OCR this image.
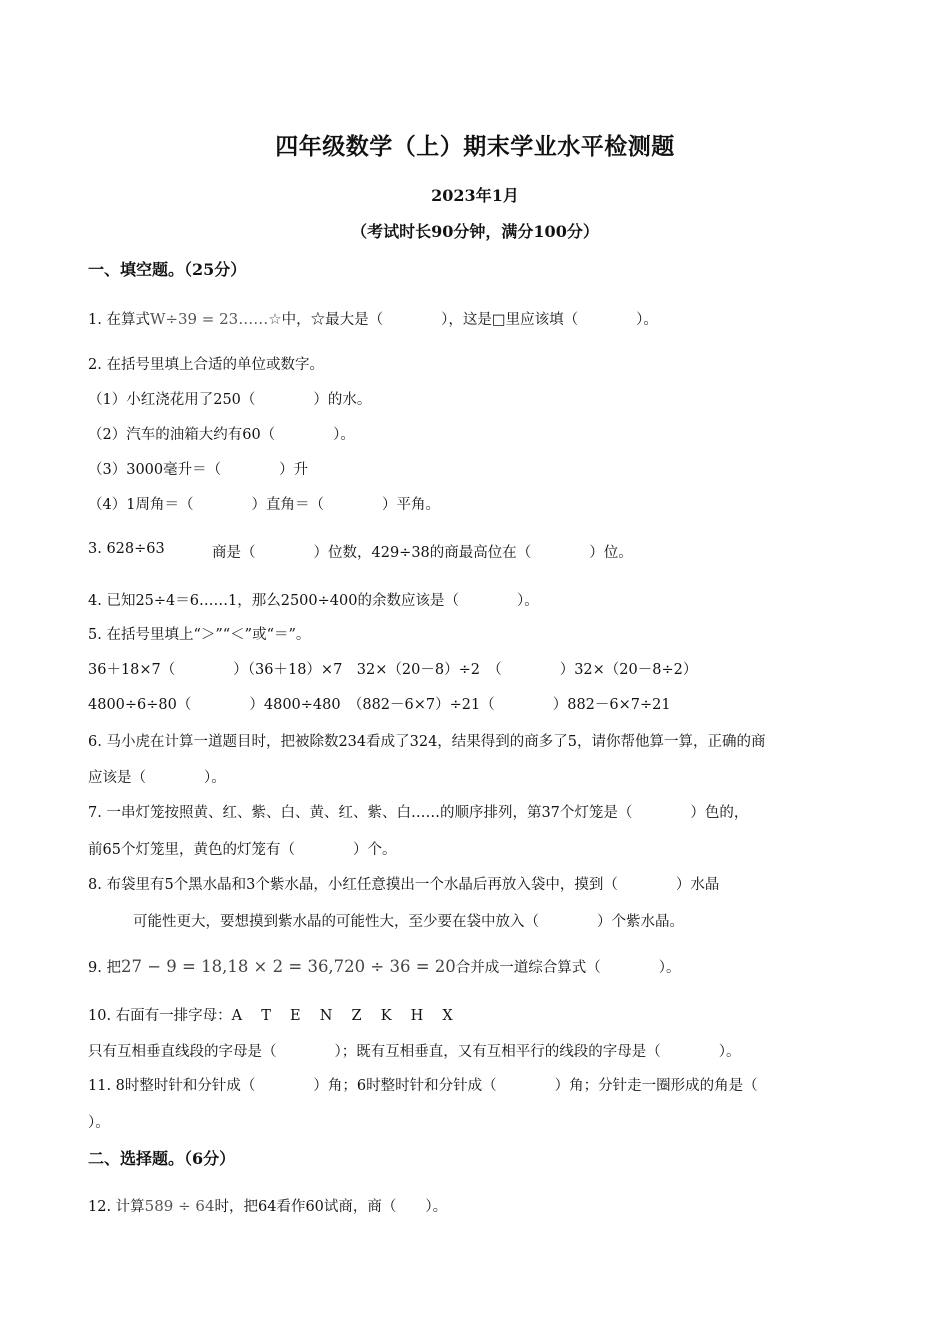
四年级数学（上）期末学业水平检测题
2023年1月
（考试时长90分钟，满分100分）
一、填空题。（25分）
1. 在算式W÷39 = 23……☆中，☆最大是（　　　　），这是□里应该填（　　　　）。
2. 在括号里填上合适的单位或数字。
（1）小红浇花用了250（　　　　）的水。
（2）汽车的油箱大约有60（　　　　）。
（3）3000毫升＝（　　　　）升
（4）1周角＝（　　　　）直角＝（　　　　）平角。
3. 628÷63	商是（　　　　）位数，429÷38的商最高位在（　　　　）位。
4. 已知25÷4＝6……1，那么2500÷400的余数应该是（　　　　）。
5. 在括号里填上“＞”“＜”或“＝”。
36＋18×7（　　　　）（36＋18）×7　32×（20－8）÷2　（　　　　）32×（20－8÷2）
4800÷6÷80（　　　　）4800÷480　（882－6×7）÷21（　　　　）882－6×7÷21
6. 马小虎在计算一道题目时，把被除数234看成了324，结果得到的商多了5，请你帮他算一算，正确的商
应该是（　　　　）。
7. 一串灯笼按照黄、红、紫、白、黄、红、紫、白……的顺序排列，第37个灯笼是（　　　　）色的，
前65个灯笼里，黄色的灯笼有（　　　　）个。
8. 布袋里有5个黑水晶和3个紫水晶，小红任意摸出一个水晶后再放入袋中，摸到（　　　　）水晶
可能性更大，要想摸到紫水晶的可能性大，至少要在袋中放入（　　　　）个紫水晶。
9. 把27 − 9 = 18,18 × 2 = 36,720 ÷ 36 = 20合并成一道综合算式（　　　　）。
10. 右面有一排字母：A　 T　 E　 N　 Z　 K　 H　 X
只有互相垂直线段的字母是（　　　　）；既有互相垂直，又有互相平行的线段的字母是（　　　　）。
11. 8时整时针和分针成（　　　　）角；6时整时针和分针成（　　　　）角；分针走一圈形成的角是（
）。
二、选择题。（6分）
12. 计算589 ÷ 64时，把64看作60试商，商（　　）。
